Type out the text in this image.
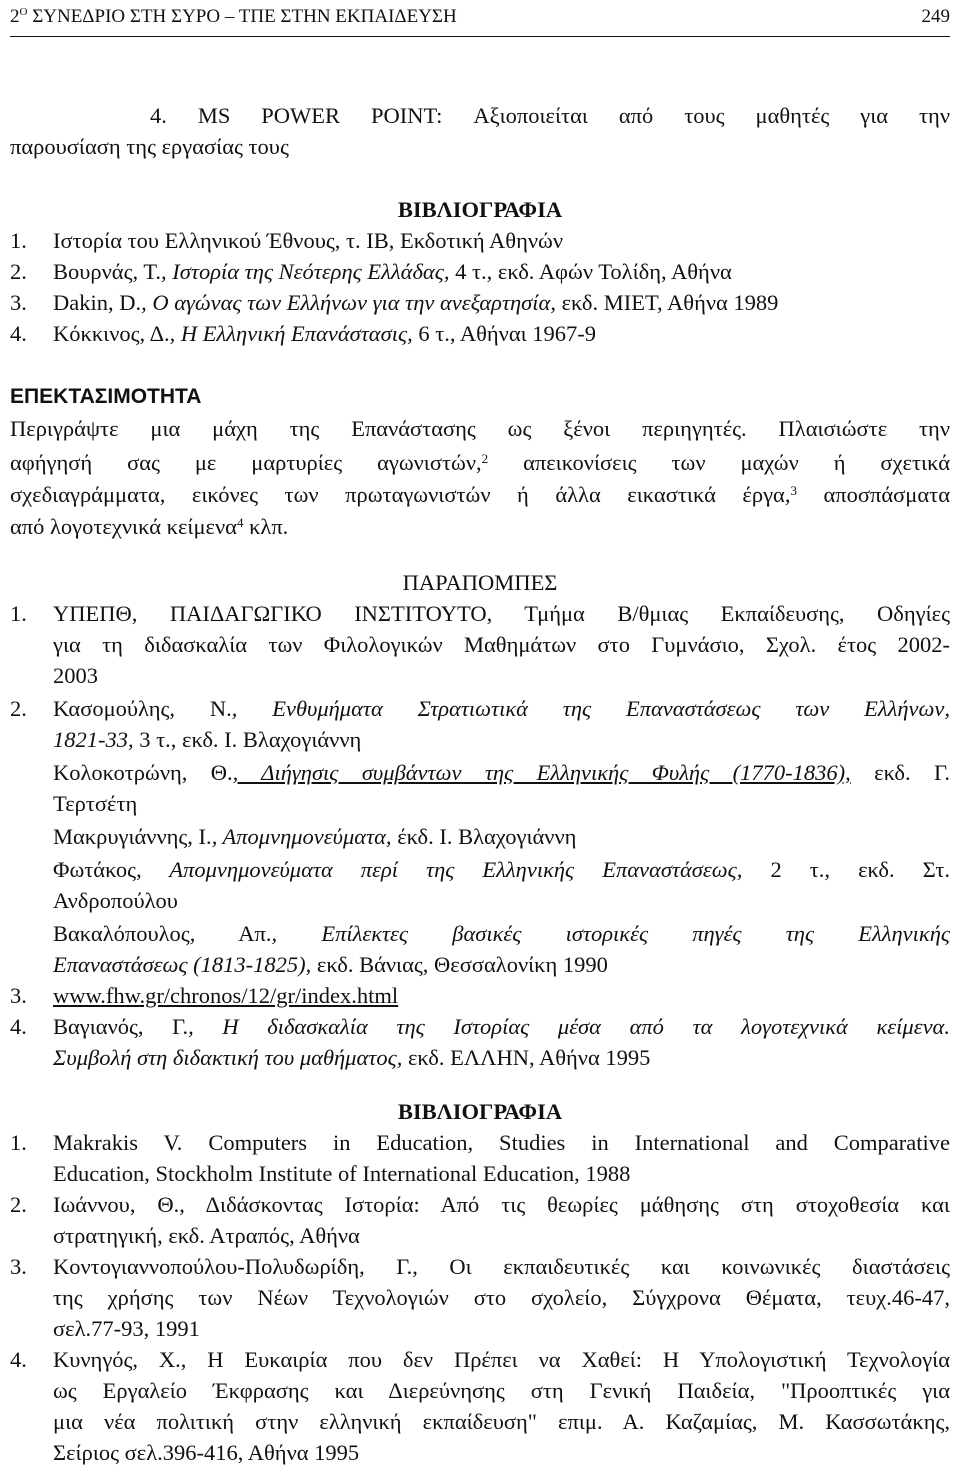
$2^O$ ΣΥΝΕΔΡΙΟ ΣΤΗ ΣΥΡΟ – ΤΠΕ ΣΤΗΝ ΕΚΠΑΙΔΕΥΣΗ	249
4. MS POWER POINT: Αξιοποιείται από τους μαθητές για την
παρουσίαση της εργασίας τους
ΒΙΒΛΙΟΓΡΑΦΙΑ
1.	Ιστορία του Ελληνικού Έθνους, τ. ΙΒ, Εκδοτική Αθηνών
2.	Βουρνάς, Τ., Ιστορία της Νεότερης Ελλάδας, 4 τ., εκδ. Αφών Τολίδη, Αθήνα
3.	Dakin, D., Ο αγώνας των Ελλήνων για την ανεξαρτησία, εκδ. ΜΙΕΤ, Αθήνα 1989
4.	Κόκκινος, Δ., Η Ελληνική Επανάστασις, 6 τ., Αθήναι 1967-9
ΕΠΕΚΤΑΣΙΜΟΤΗΤΑ
Περιγράψτε μια μάχη της Επανάστασης ως ξένοι περιηγητές. Πλαισιώστε την
αφήγησή σας με μαρτυρίες αγωνιστών,$^2$ απεικονίσεις των μαχών ή σχετικά
σχεδιαγράμματα, εικόνες των πρωταγωνιστών ή άλλα εικαστικά έργα,$^3$ αποσπάσματα
από λογοτεχνικά κείμενα$^4$ κλπ.
ΠΑΡΑΠΟΜΠΕΣ
1.	ΥΠΕΠΘ, ΠΑΙΔΑΓΩΓΙΚΟ ΙΝΣΤΙΤΟΥΤΟ, Τμήμα Β/θμιας Εκπαίδευσης, Οδηγίες
για τη διδασκαλία των Φιλολογικών Μαθημάτων στο Γυμνάσιο, Σχολ. έτος 2002-
2003
2.	Κασομούλης, Ν., Ενθυμήματα Στρατιωτικά της Επαναστάσεως των Ελλήνων,
1821-33, 3 τ., εκδ. Ι. Βλαχογιάννη
Κολοκοτρώνη, Θ., Διήγησις συμβάντων της Ελληνικής Φυλής (1770-1836), εκδ. Γ.
Τερτσέτη
Μακρυγιάννης, Ι., Απομνημονεύματα, έκδ. Ι. Βλαχογιάννη
Φωτάκος, Απομνημονεύματα περί της Ελληνικής Επαναστάσεως, 2 τ., εκδ. Στ.
Ανδροπούλου
Βακαλόπουλος, Απ., Επίλεκτες βασικές ιστορικές πηγές της Ελληνικής
Επαναστάσεως (1813-1825), εκδ. Βάνιας, Θεσσαλονίκη 1990
3.	www.fhw.gr/chronos/12/gr/index.html
4.	Βαγιανός, Γ., Η διδασκαλία της Ιστορίας μέσα από τα λογοτεχνικά κείμενα.
Συμβολή στη διδακτική του μαθήματος, εκδ. ΕΛΛΗΝ, Αθήνα 1995
ΒΙΒΛΙΟΓΡΑΦΙΑ
1.	Makrakis V. Computers in Education, Studies in International and Comparative
Education, Stockholm Institute of International Education, 1988
2.	Ιωάννου, Θ., Διδάσκοντας Ιστορία: Από τις θεωρίες μάθησης στη στοχοθεσία και
στρατηγική, εκδ. Ατραπός, Αθήνα
3.	Κοντογιαννοπούλου-Πολυδωρίδη, Γ., Οι εκπαιδευτικές και κοινωνικές διαστάσεις
της χρήσης των Νέων Τεχνολογιών στο σχολείο, Σύγχρονα Θέματα, τευχ.46-47,
σελ.77-93, 1991
4.	Κυνηγός, Χ., Η Ευκαιρία που δεν Πρέπει να Χαθεί: Η Υπολογιστική Τεχνολογία
ως Εργαλείο Έκφρασης και Διερεύνησης στη Γενική Παιδεία, "Προοπτικές για
μια νέα πολιτική στην ελληνική εκπαίδευση" επιμ. Α. Καζαμίας, Μ. Κασσωτάκης,
Σείριος σελ.396-416, Αθήνα 1995
